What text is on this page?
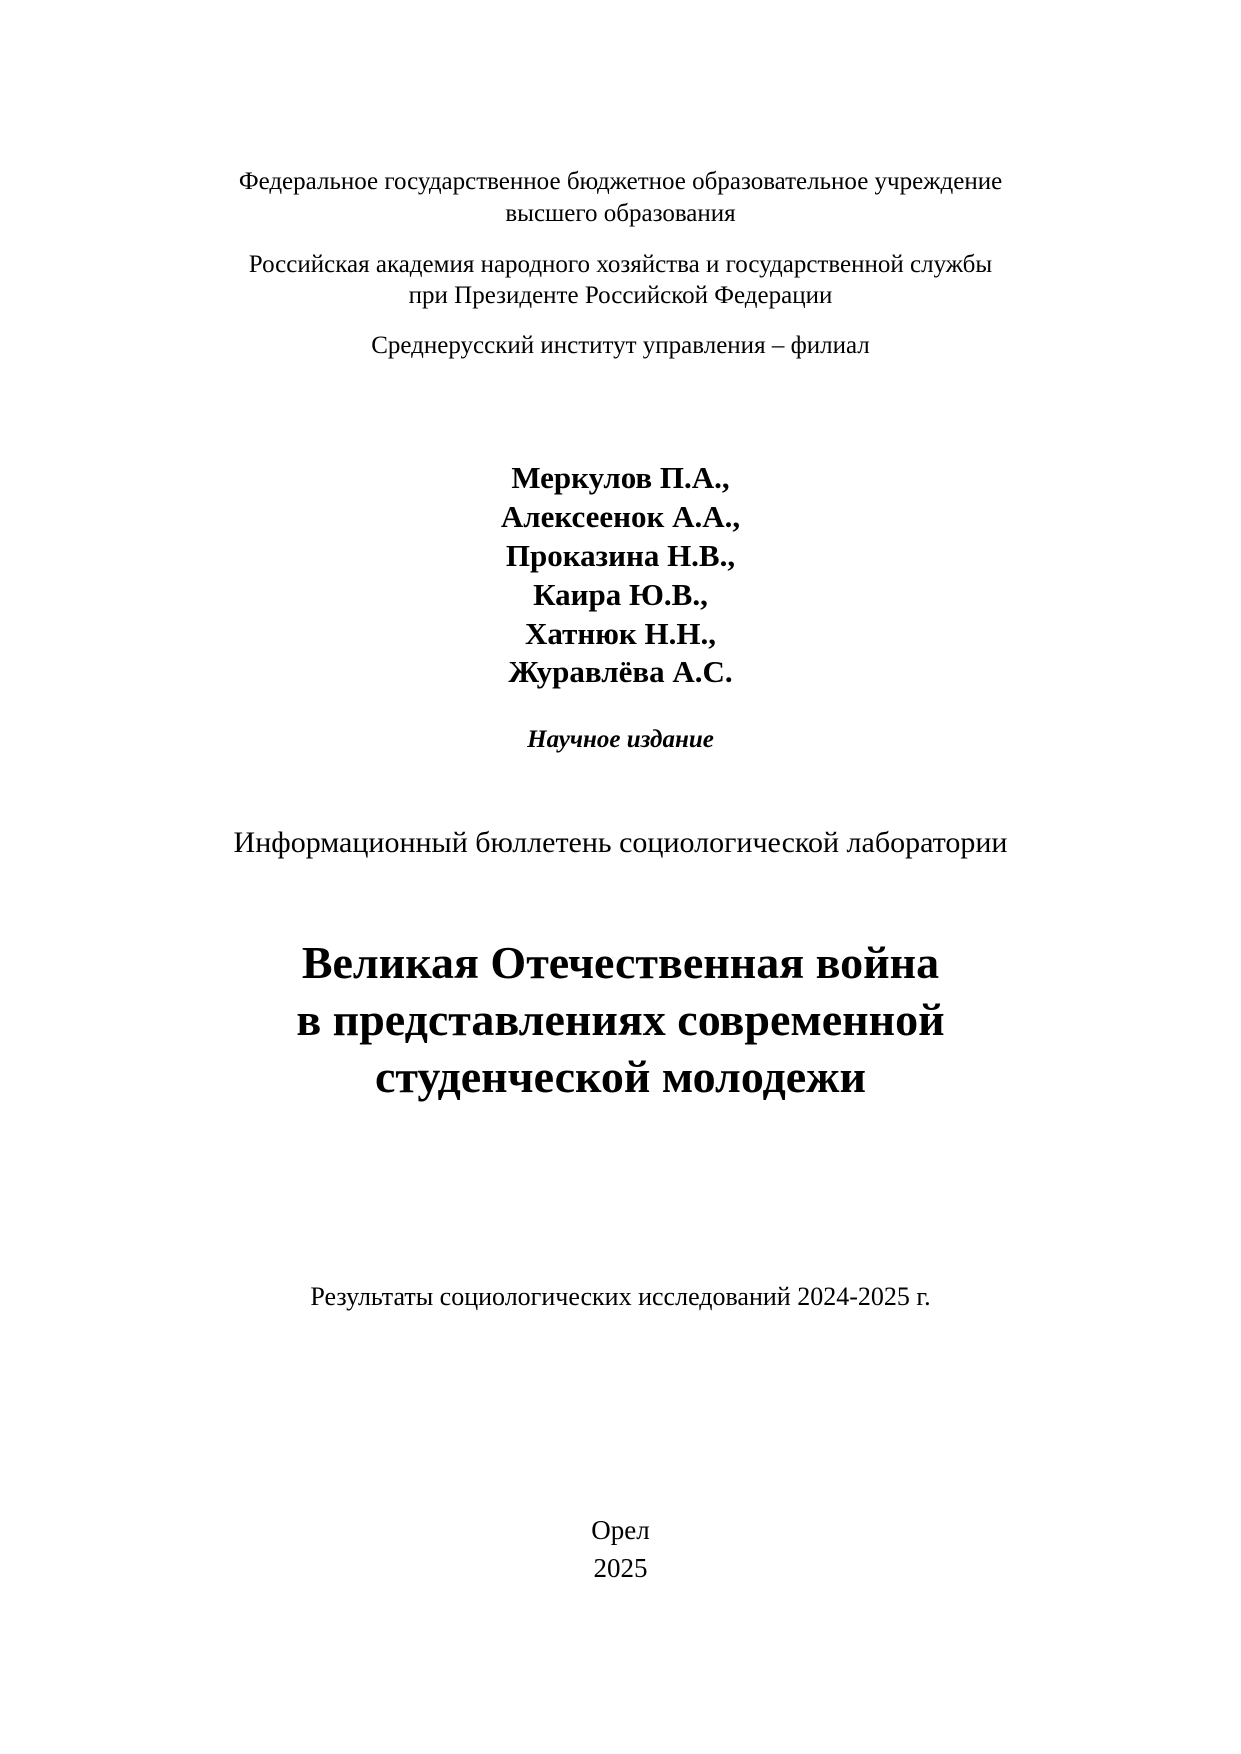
Федеральное государственное бюджетное образовательное учреждение
высшего образования
Российская академия народного хозяйства и государственной службы
при Президенте Российской Федерации
Среднерусский институт управления – филиал
Меркулов П.А.,
Алексеенок А.А.,
Проказина Н.В.,
Каира Ю.В.,
Хатнюк Н.Н.,
Журавлёва А.С.
Научное издание
Информационный бюллетень социологической лаборатории
Великая Отечественная война
в представлениях современной
студенческой молодежи
Результаты социологических исследований 2024-2025 г.
Орел
2025
